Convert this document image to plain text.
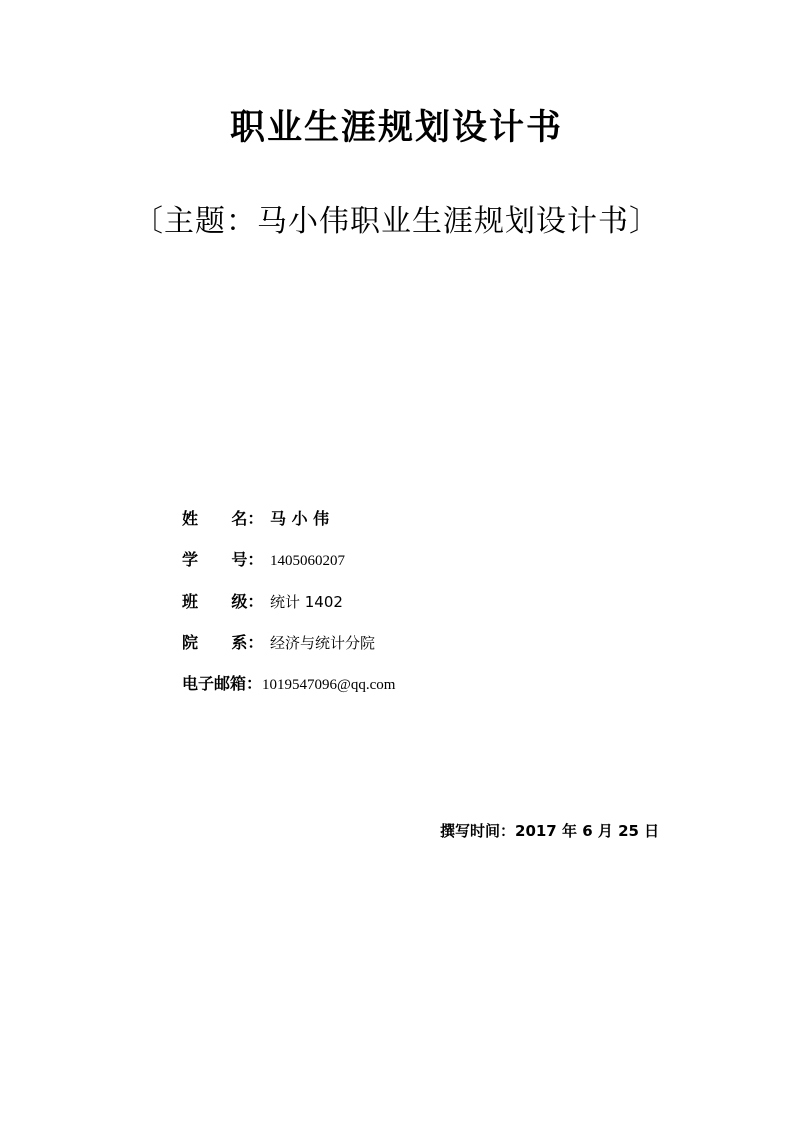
职业生涯规划设计书
〔主题：马小伟职业生涯规划设计书〕
姓      名： 马 小 伟
学      号： 1405060207
班      级： 统计 1402
院      系： 经济与统计分院
电子邮箱： 1019547096@qq.com
撰写时间：2017 年 6 月 25 日
